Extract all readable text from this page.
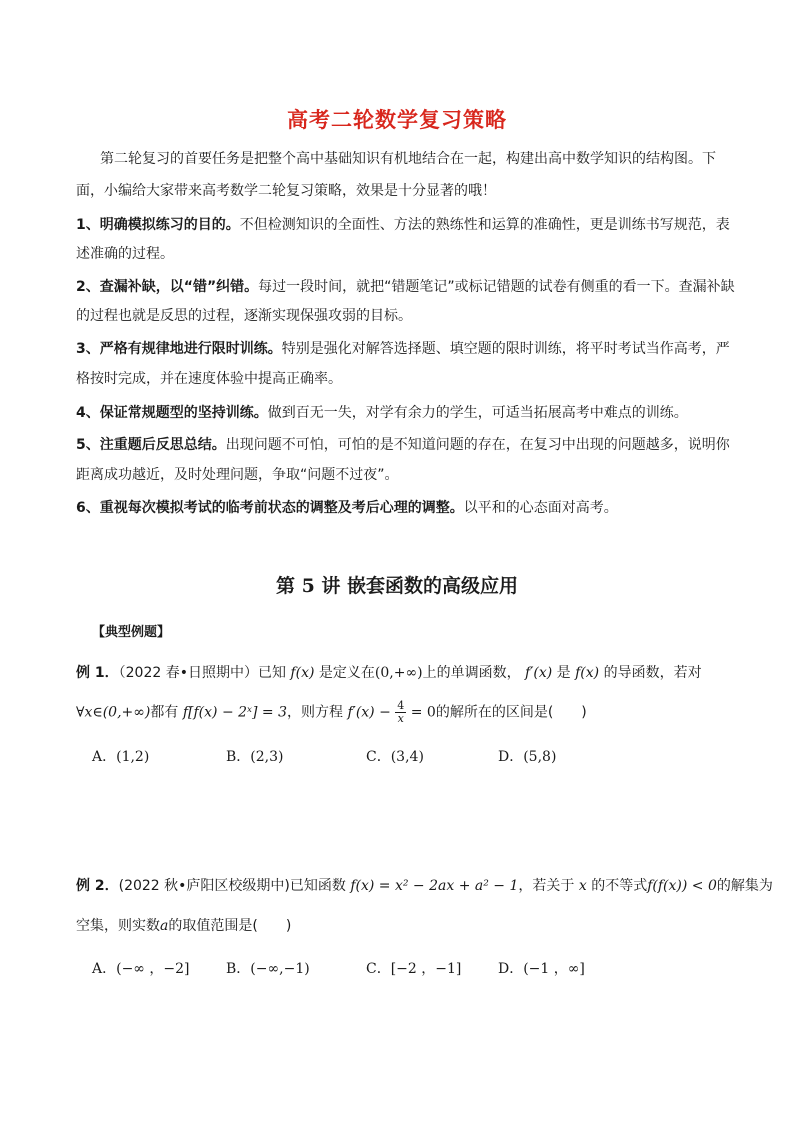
高考二轮数学复习策略
第二轮复习的首要任务是把整个高中基础知识有机地结合在一起，构建出高中数学知识的结构图。下
面，小编给大家带来高考数学二轮复习策略，效果是十分显著的哦！
1、明确模拟练习的目的。不但检测知识的全面性、方法的熟练性和运算的准确性，更是训练书写规范，表
述准确的过程。
2、查漏补缺，以“错”纠错。每过一段时间，就把“错题笔记”或标记错题的试卷有侧重的看一下。查漏补缺
的过程也就是反思的过程，逐渐实现保强攻弱的目标。
3、严格有规律地进行限时训练。特别是强化对解答选择题、填空题的限时训练，将平时考试当作高考，严
格按时完成，并在速度体验中提高正确率。
4、保证常规题型的坚持训练。做到百无一失，对学有余力的学生，可适当拓展高考中难点的训练。
5、注重题后反思总结。出现问题不可怕，可怕的是不知道问题的存在，在复习中出现的问题越多，说明你
距离成功越近，及时处理问题，争取“问题不过夜”。
6、重视每次模拟考试的临考前状态的调整及考后心理的调整。以平和的心态面对高考。
第 5 讲 嵌套函数的高级应用
【典型例题】
例 1．（2022 春•日照期中）已知 f(x) 是定义在(0,+∞)上的单调函数， f′(x) 是 f(x) 的导函数，若对
∀x∈(0,+∞)都有 f[f(x) − 2ˣ] = 3，则方程 $f'(x) - \frac{4}{x} = 0$的解所在的区间是(　　)
A．(1,2)	B．(2,3)	C．(3,4)	D．(5,8)
例 2．(2022 秋•庐阳区校级期中)已知函数 f(x) = x² − 2ax + a² − 1，若关于 x 的不等式f(f(x)) < 0的解集为
空集，则实数a的取值范围是(　　)
A．(−∞ ，−2]	B．(−∞,−1)	C．[−2 ，−1]	D．(−1 ，∞]
